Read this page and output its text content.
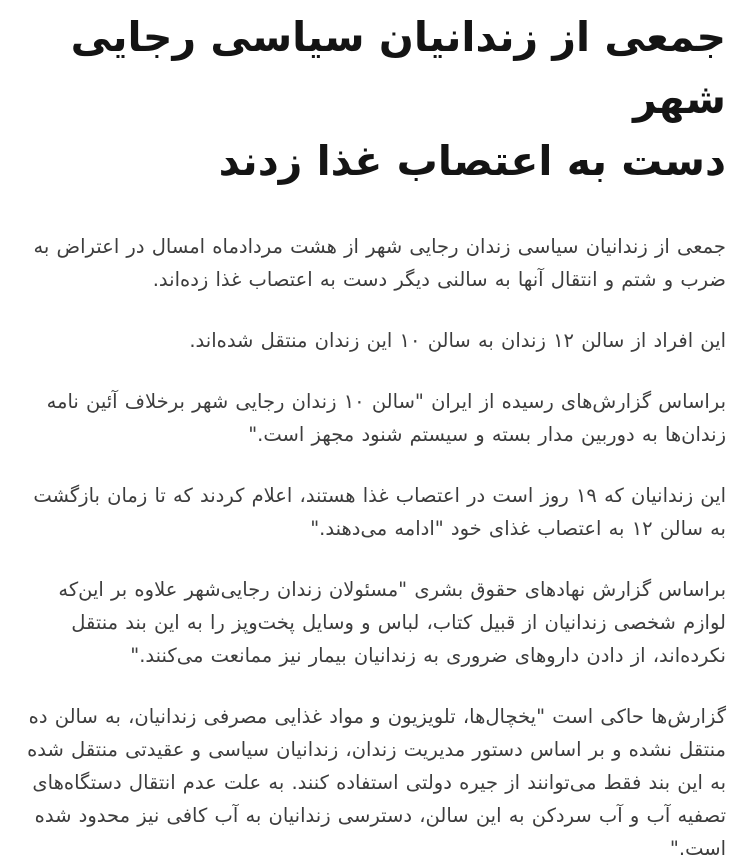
جمعی از زندانیان سیاسی رجایی شهر
دست به اعتصاب غذا زدند

جمعی از زندانیان سیاسی زندان رجایی شهر از هشت مردادماه امسال در اعتراض به ضرب و شتم و انتقال آنها به سالنی دیگر دست به اعتصاب غذا زده‌اند.

این افراد از سالن ۱۲ زندان به سالن ۱۰ این زندان منتقل شده‌اند.

براساس گزارش‌های رسیده از ایران "سالن ۱۰ زندان رجایی شهر برخلاف آئین نامه زندان‌ها به دوربین مدار بسته و سیستم شنود مجهز است."

این زندانیان که ۱۹ روز است در اعتصاب غذا هستند، اعلام کردند که تا زمان بازگشت به سالن ۱۲ به اعتصاب غذای خود "ادامه می‌دهند."

براساس گزارش نهادهای حقوق بشری "مسئولان زندان رجایی‌شهر علاوه بر این‌که لوازم شخصی زندانیان از قبیل کتاب، لباس و وسایل پخت‌وپز را به این بند منتقل نکرده‌اند، از دادن داروهای ضروری به زندانیان بیمار نیز ممانعت می‌کنند."

گزارش‌ها حاکی است "یخچال‌ها، تلویزیون و مواد غذایی مصرفی زندانیان، به سالن ده منتقل نشده و بر اساس دستور مدیریت زندان، زندانیان سیاسی و عقیدتی منتقل شده به این بند فقط می‌توانند از جیره دولتی استفاده کنند. به علت عدم انتقال دستگاه‌های تصفیه آب و آب سردکن به این سالن، دسترسی زندانیان به آب کافی نیز محدود شده است."
